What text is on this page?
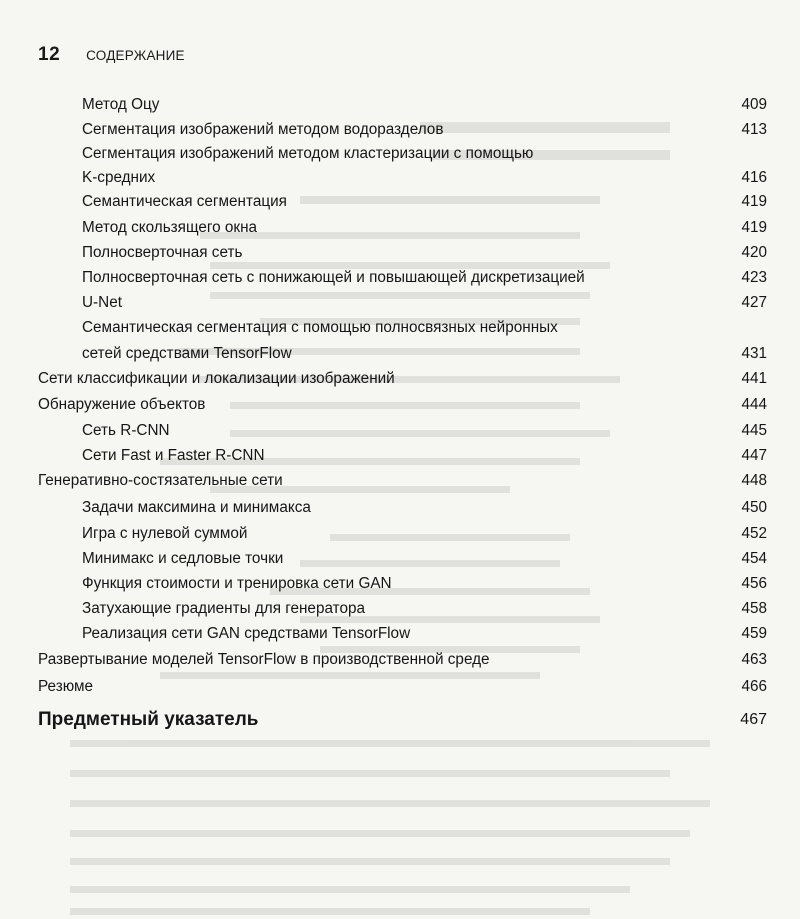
12 СОДЕРЖАНИЕ
Метод Оцу	409
Сегментация изображений методом водоразделов	413
Сегментация изображений методом кластеризации с помощью
K-средних	416
Семантическая сегментация	419
Метод скользящего окна	419
Полносверточная сеть	420
Полносверточная сеть с понижающей и повышающей дискретизацией	423
U-Net	427
Семантическая сегментация с помощью полносвязных нейронных
сетей средствами TensorFlow	431
Сети классификации и локализации изображений	441
Обнаружение объектов	444
Сеть R-CNN	445
Сети Fast и Faster R-CNN	447
Генеративно-состязательные сети	448
Задачи максимина и минимакса	450
Игра с нулевой суммой	452
Минимакс и седловые точки	454
Функция стоимости и тренировка сети GAN	456
Затухающие градиенты для генератора	458
Реализация сети GAN средствами TensorFlow	459
Развертывание моделей TensorFlow в производственной среде	463
Резюме	466
Предметный указатель	467
